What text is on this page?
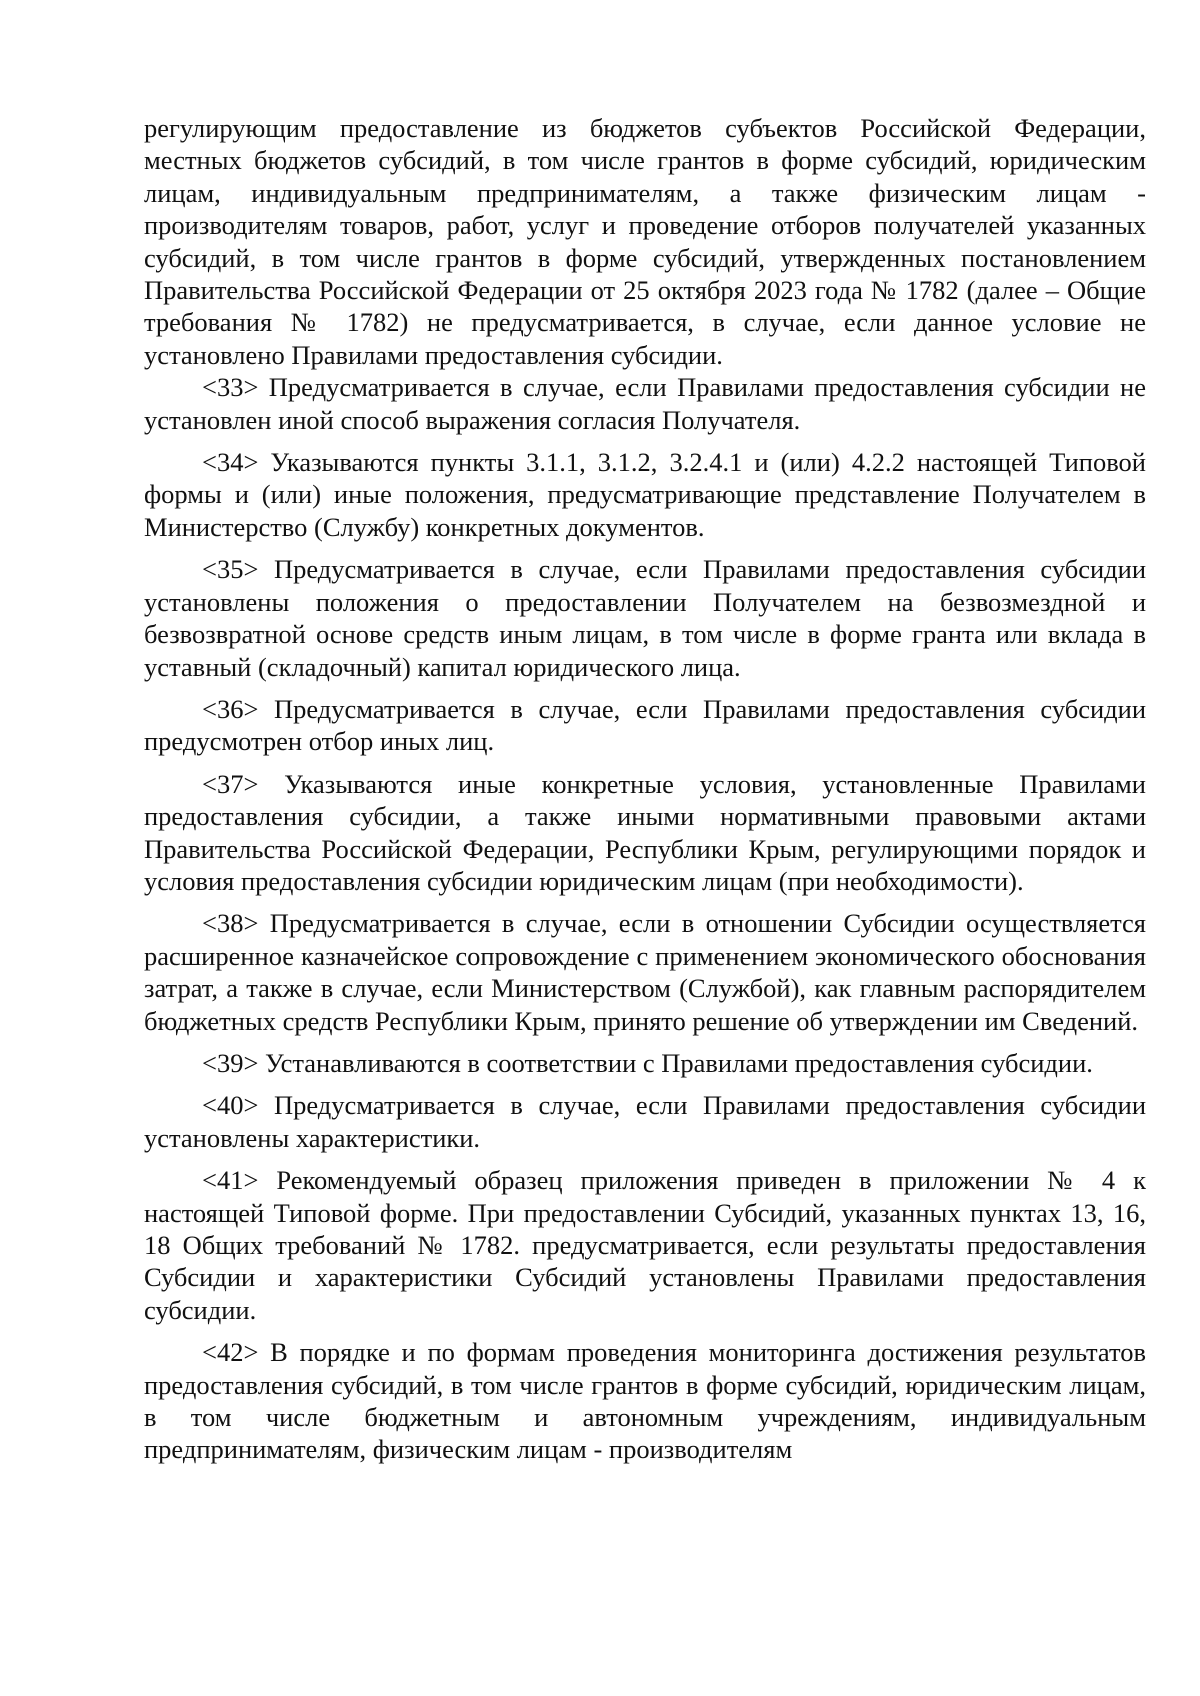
регулирующим предоставление из бюджетов субъектов Российской Федерации, местных бюджетов субсидий, в том числе грантов в форме субсидий, юридическим лицам, индивидуальным предпринимателям, а также физическим лицам - производителям товаров, работ, услуг и проведение отборов получателей указанных субсидий, в том числе грантов в форме субсидий, утвержденных постановлением Правительства Российской Федерации от 25 октября 2023 года № 1782 (далее – Общие требования № 1782) не предусматривается, в случае, если данное условие не установлено Правилами предоставления субсидии.

<33> Предусматривается в случае, если Правилами предоставления субсидии не установлен иной способ выражения согласия Получателя.

<34> Указываются пункты 3.1.1, 3.1.2, 3.2.4.1 и (или) 4.2.2 настоящей Типовой формы и (или) иные положения, предусматривающие представление Получателем в Министерство (Службу) конкретных документов.

<35> Предусматривается в случае, если Правилами предоставления субсидии установлены положения о предоставлении Получателем на безвозмездной и безвозвратной основе средств иным лицам, в том числе в форме гранта или вклада в уставный (складочный) капитал юридического лица.

<36> Предусматривается в случае, если Правилами предоставления субсидии предусмотрен отбор иных лиц.

<37> Указываются иные конкретные условия, установленные Правилами предоставления субсидии, а также иными нормативными правовыми актами Правительства Российской Федерации, Республики Крым, регулирующими порядок и условия предоставления субсидии юридическим лицам (при необходимости).

<38> Предусматривается в случае, если в отношении Субсидии осуществляется расширенное казначейское сопровождение с применением экономического обоснования затрат, а также в случае, если Министерством (Службой), как главным распорядителем бюджетных средств Республики Крым, принято решение об утверждении им Сведений.

<39> Устанавливаются в соответствии с Правилами предоставления субсидии.

<40> Предусматривается в случае, если Правилами предоставления субсидии установлены характеристики.

<41> Рекомендуемый образец приложения приведен в приложении № 4 к настоящей Типовой форме. При предоставлении Субсидий, указанных пунктах 13, 16, 18 Общих требований № 1782. предусматривается, если результаты предоставления Субсидии и характеристики Субсидий установлены Правилами предоставления субсидии.

<42> В порядке и по формам проведения мониторинга достижения результатов предоставления субсидий, в том числе грантов в форме субсидий, юридическим лицам, в том числе бюджетным и автономным учреждениям, индивидуальным предпринимателям, физическим лицам - производителям
